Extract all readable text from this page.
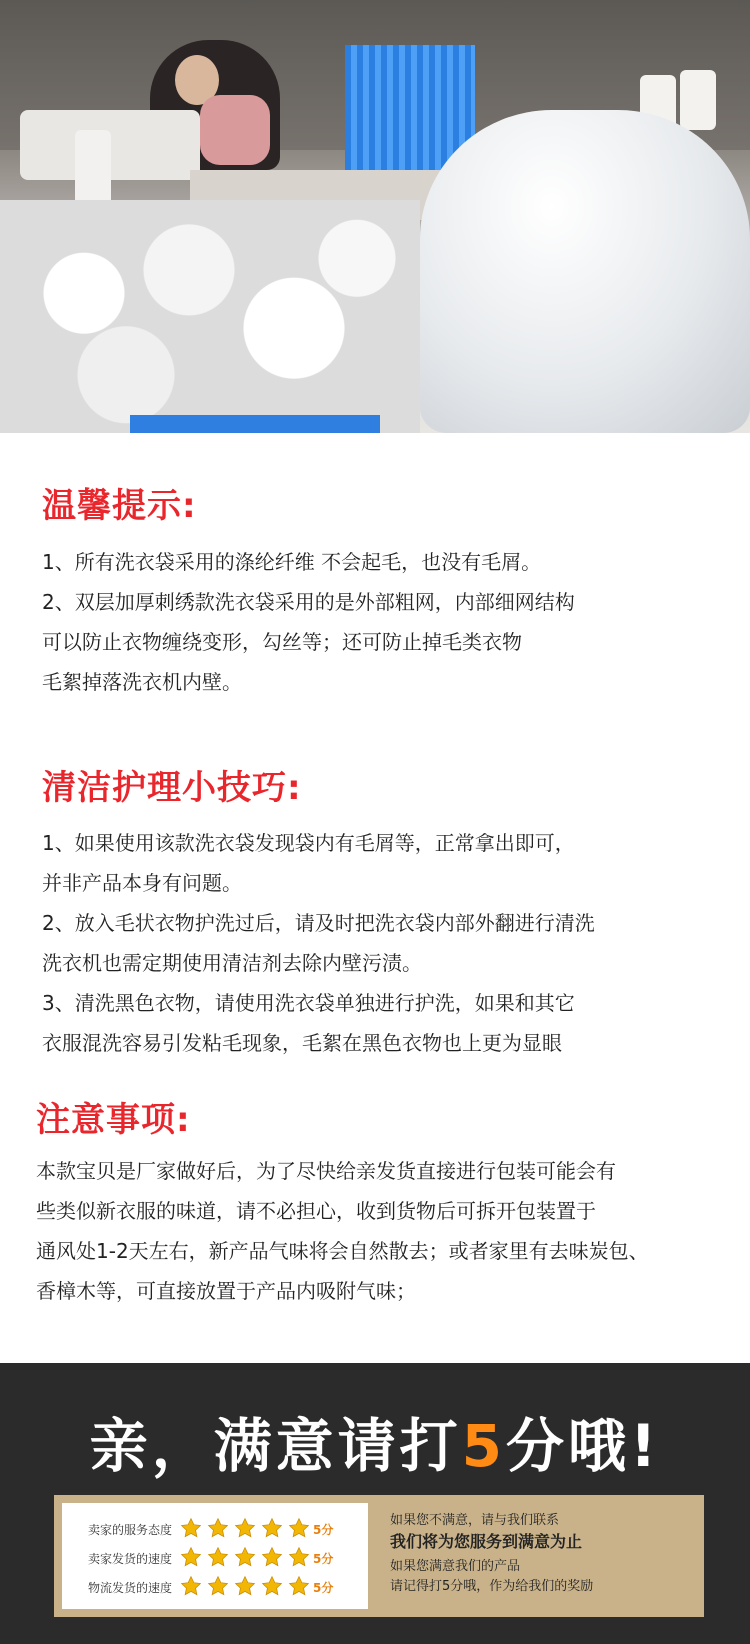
温馨提示:

1、所有洗衣袋采用的涤纶纤维 不会起毛，也没有毛屑。

2、双层加厚刺绣款洗衣袋采用的是外部粗网，内部细网结构

可以防止衣物缠绕变形，勾丝等；还可防止掉毛类衣物

毛絮掉落洗衣机内壁。

清洁护理小技巧:

1、如果使用该款洗衣袋发现袋内有毛屑等，正常拿出即可，

并非产品本身有问题。

2、放入毛状衣物护洗过后，请及时把洗衣袋内部外翻进行清洗

洗衣机也需定期使用清洁剂去除内壁污渍。

3、清洗黑色衣物，请使用洗衣袋单独进行护洗，如果和其它

衣服混洗容易引发粘毛现象，毛絮在黑色衣物也上更为显眼

注意事项:

本款宝贝是厂家做好后，为了尽快给亲发货直接进行包装可能会有

些类似新衣服的味道，请不必担心，收到货物后可拆开包装置于

通风处1-2天左右，新产品气味将会自然散去；或者家里有去味炭包、

香樟木等，可直接放置于产品内吸附气味；

亲，满意请打5分哦!
卖家的服务态度	5分
卖家发货的速度	5分
物流发货的速度	5分
如果您不满意，请与我们联系
我们将为您服务到满意为止
如果您满意我们的产品
请记得打5分哦，作为给我们的奖励
